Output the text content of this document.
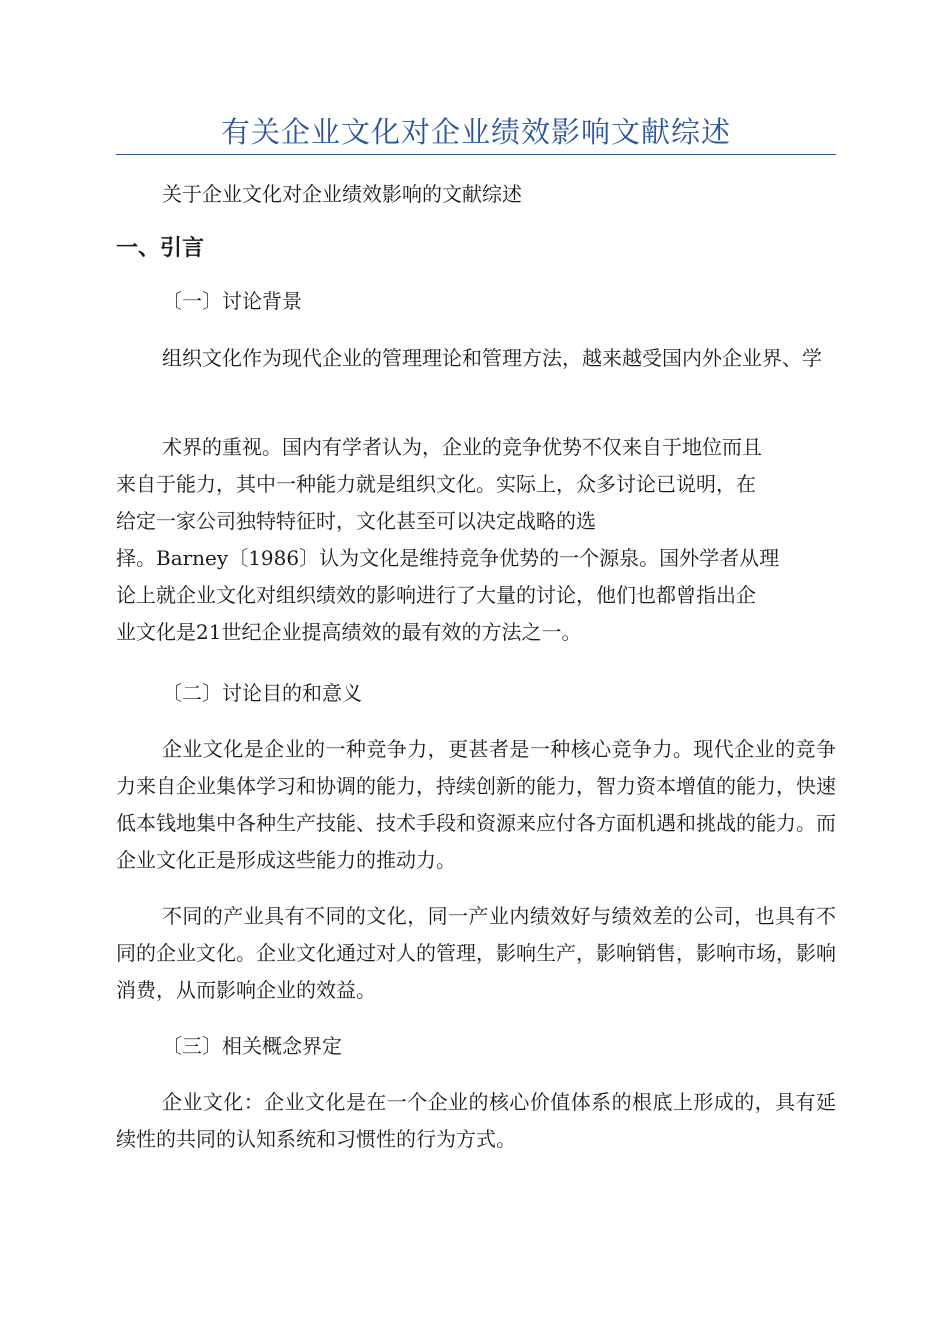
有关企业文化对企业绩效影响文献综述
关于企业文化对企业绩效影响的文献综述
一、引言
〔一〕讨论背景
组织文化作为现代企业的管理理论和管理方法，越来越受国内外企业界、学
术界的重视。国内有学者认为，企业的竞争优势不仅来自于地位而且
来自于能力，其中一种能力就是组织文化。实际上，众多讨论已说明，在
给定一家公司独特特征时，文化甚至可以决定战略的选
择。Barney〔1986〕认为文化是维持竞争优势的一个源泉。国外学者从理
论上就企业文化对组织绩效的影响进行了大量的讨论，他们也都曾指出企
业文化是21世纪企业提高绩效的最有效的方法之一。
〔二〕讨论目的和意义
企业文化是企业的一种竞争力，更甚者是一种核心竞争力。现代企业的竞争力来自企业集体学习和协调的能力，持续创新的能力，智力资本增值的能力，快速低本钱地集中各种生产技能、技术手段和资源来应付各方面机遇和挑战的能力。而企业文化正是形成这些能力的推动力。
不同的产业具有不同的文化，同一产业内绩效好与绩效差的公司，也具有不同的企业文化。企业文化通过对人的管理，影响生产，影响销售，影响市场，影响消费，从而影响企业的效益。
〔三〕相关概念界定
企业文化：企业文化是在一个企业的核心价值体系的根底上形成的，具有延续性的共同的认知系统和习惯性的行为方式。
